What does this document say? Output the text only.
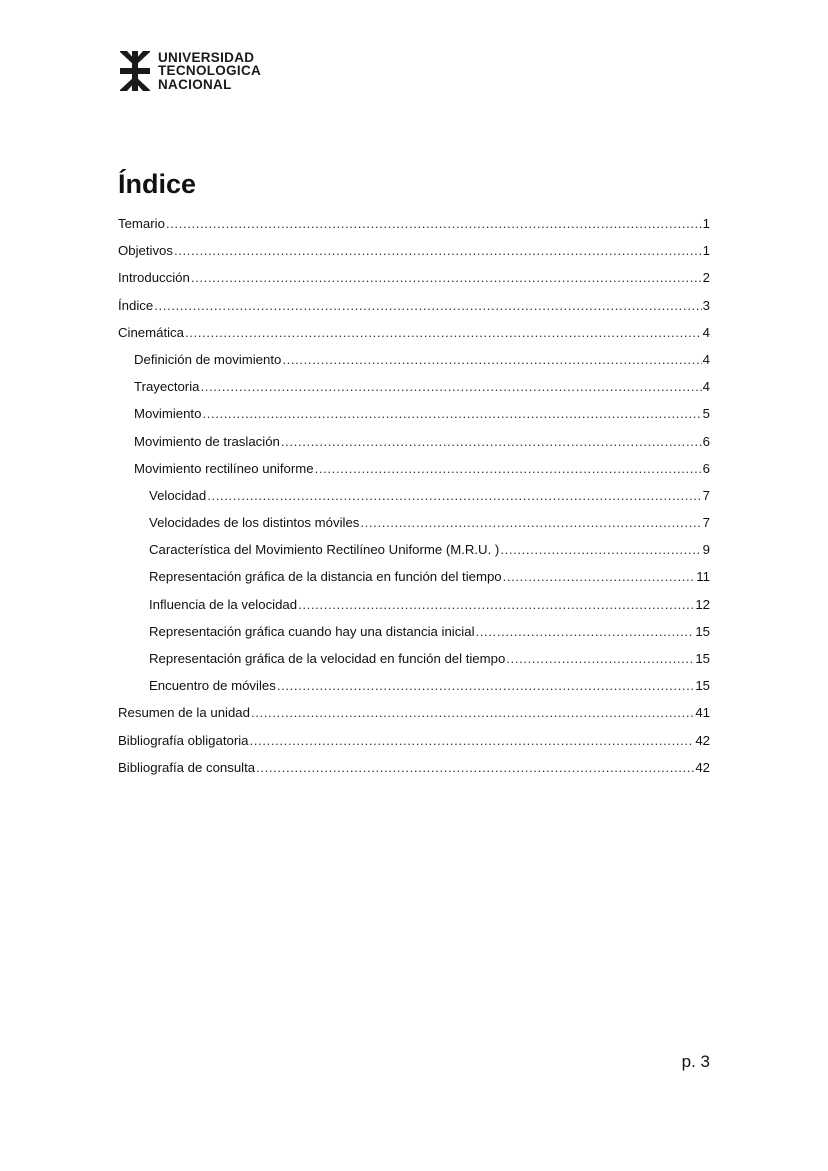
UNIVERSIDAD
TECNOLOGICA
NACIONAL
Índice
Temario .....	1
Objetivos .....	1
Introducción .....	2
Índice .....	3
Cinemática .....	4
Definición de movimiento .....	4
Trayectoria .....	4
Movimiento .....	5
Movimiento de traslación .....	6
Movimiento rectilíneo uniforme .....	6
Velocidad .....	7
Velocidades de los distintos móviles .....	7
Característica del Movimiento Rectilíneo Uniforme (M.R.U. ) .....	9
Representación gráfica de la distancia en función del tiempo .....	11
Influencia de la velocidad .....	12
Representación gráfica cuando hay una distancia inicial .....	15
Representación gráfica de la velocidad en función del tiempo .....	15
Encuentro de móviles .....	15
Resumen de la unidad .....	41
Bibliografía obligatoria .....	42
Bibliografía de consulta .....	42
p. 3
